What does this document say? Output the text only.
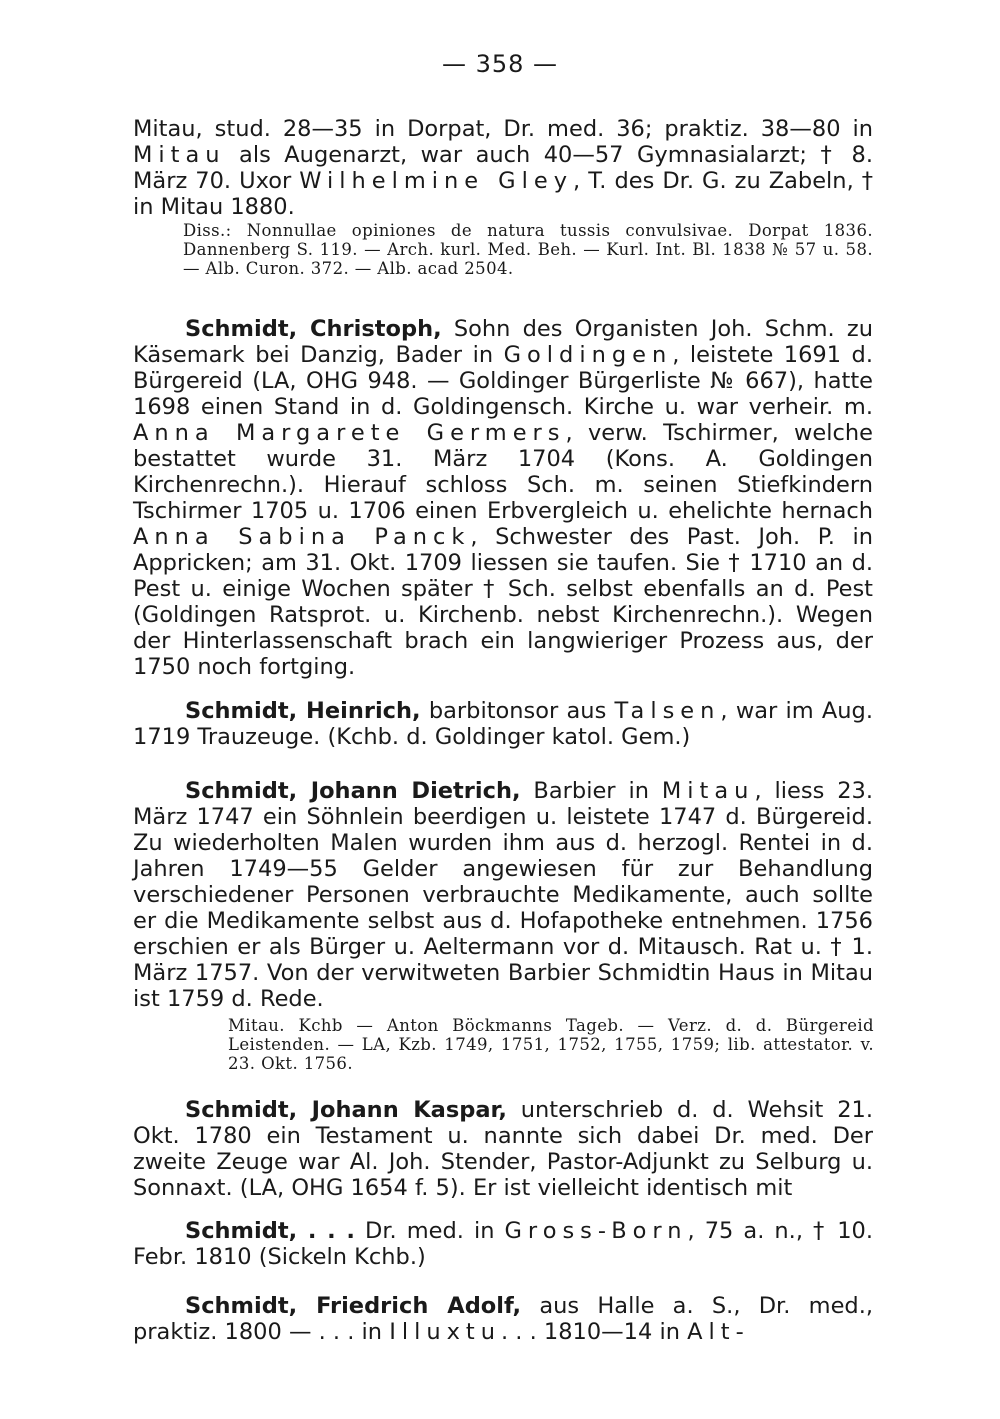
— 358 —
Mitau, stud. 28—35 in Dorpat, Dr. med. 36; praktiz. 38—80 in Mitau als Augenarzt, war auch 40—57 Gymnasialarzt; † 8. März 70. Uxor Wilhelmine Gley, T. des Dr. G. zu Zabeln, † in Mitau 1880.
Diss.: Nonnullae opiniones de natura tussis convulsivae. Dorpat 1836. Dannenberg S. 119. — Arch. kurl. Med. Beh. — Kurl. Int. Bl. 1838 № 57 u. 58. — Alb. Curon. 372. — Alb. acad 2504.
Schmidt, Christoph, Sohn des Organisten Joh. Schm. zu Käsemark bei Danzig, Bader in Goldingen, leistete 1691 d. Bürgereid (LA, OHG 948. — Goldinger Bürgerliste № 667), hatte 1698 einen Stand in d. Goldingensch. Kirche u. war verheir. m. Anna Margarete Germers, verw. Tschirmer, welche bestattet wurde 31. März 1704 (Kons. A. Goldingen Kirchenrechn.). Hierauf schloss Sch. m. seinen Stiefkindern Tschirmer 1705 u. 1706 einen Erbvergleich u. ehelichte hernach Anna Sabina Panck, Schwester des Past. Joh. P. in Appricken; am 31. Okt. 1709 liessen sie taufen. Sie † 1710 an d. Pest u. einige Wochen später † Sch. selbst ebenfalls an d. Pest (Goldingen Ratsprot. u. Kirchenb. nebst Kirchenrechn.). Wegen der Hinterlassenschaft brach ein langwieriger Prozess aus, der 1750 noch fortging.
Schmidt, Heinrich, barbitonsor aus Talsen, war im Aug. 1719 Trauzeuge. (Kchb. d. Goldinger katol. Gem.)
Schmidt, Johann Dietrich, Barbier in Mitau, liess 23. März 1747 ein Söhnlein beerdigen u. leistete 1747 d. Bürgereid. Zu wiederholten Malen wurden ihm aus d. herzogl. Rentei in d. Jahren 1749—55 Gelder angewiesen für zur Behandlung verschiedener Personen verbrauchte Medikamente, auch sollte er die Medikamente selbst aus d. Hofapotheke entnehmen. 1756 erschien er als Bürger u. Aeltermann vor d. Mitausch. Rat u. † 1. März 1757. Von der verwitweten Barbier Schmidtin Haus in Mitau ist 1759 d. Rede.
Mitau. Kchb — Anton Böckmanns Tageb. — Verz. d. d. Bürgereid Leistenden. — LA, Kzb. 1749, 1751, 1752, 1755, 1759; lib. attestator. v. 23. Okt. 1756.
Schmidt, Johann Kaspar, unterschrieb d. d. Wehsit 21. Okt. 1780 ein Testament u. nannte sich dabei Dr. med. Der zweite Zeuge war Al. Joh. Stender, Pastor-Adjunkt zu Selburg u. Sonnaxt. (LA, OHG 1654 f. 5). Er ist vielleicht identisch mit
Schmidt, . . . Dr. med. in Gross-Born, 75 a. n., † 10. Febr. 1810 (Sickeln Kchb.)
Schmidt, Friedrich Adolf, aus Halle a. S., Dr. med., praktiz. 1800 — . . . in Illuxtu. . . 1810—14 in Alt-
